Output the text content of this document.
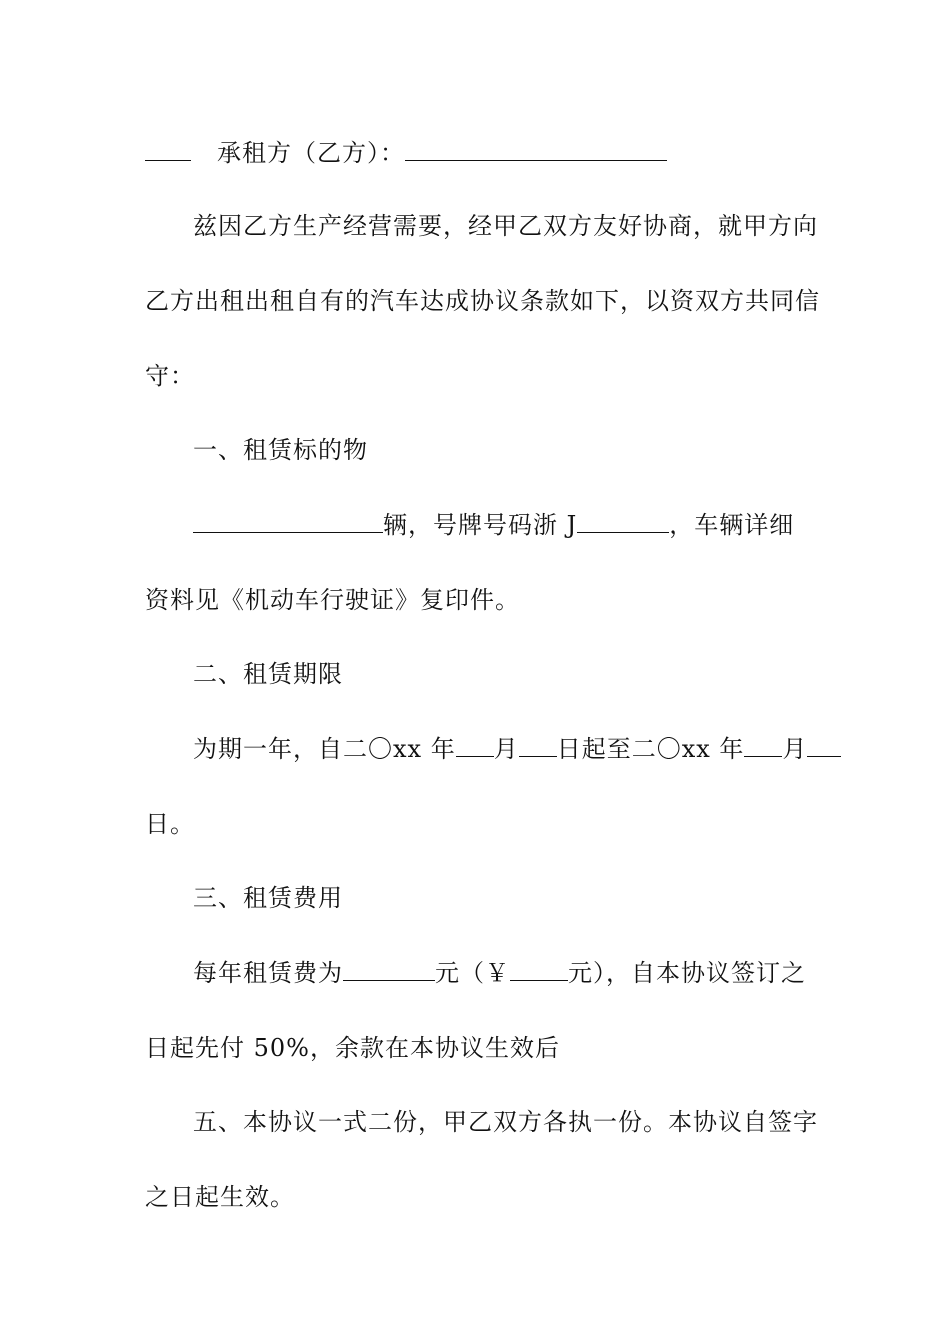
承租方（乙方）：
兹因乙方生产经营需要，经甲乙双方友好协商，就甲方向
乙方出租出租自有的汽车达成协议条款如下，以资双方共同信
守：
一、租赁标的物
辆，号牌号码浙 J	，车辆详细
资料见《机动车行驶证》复印件。
二、租赁期限
为期一年，自二〇xx 年 月 日起至二〇xx 年 月
日。
三、租赁费用
每年租赁费为	元（￥ 元），自本协议签订之
日起先付 50%，余款在本协议生效后
五、本协议一式二份，甲乙双方各执一份。本协议自签字
之日起生效。
